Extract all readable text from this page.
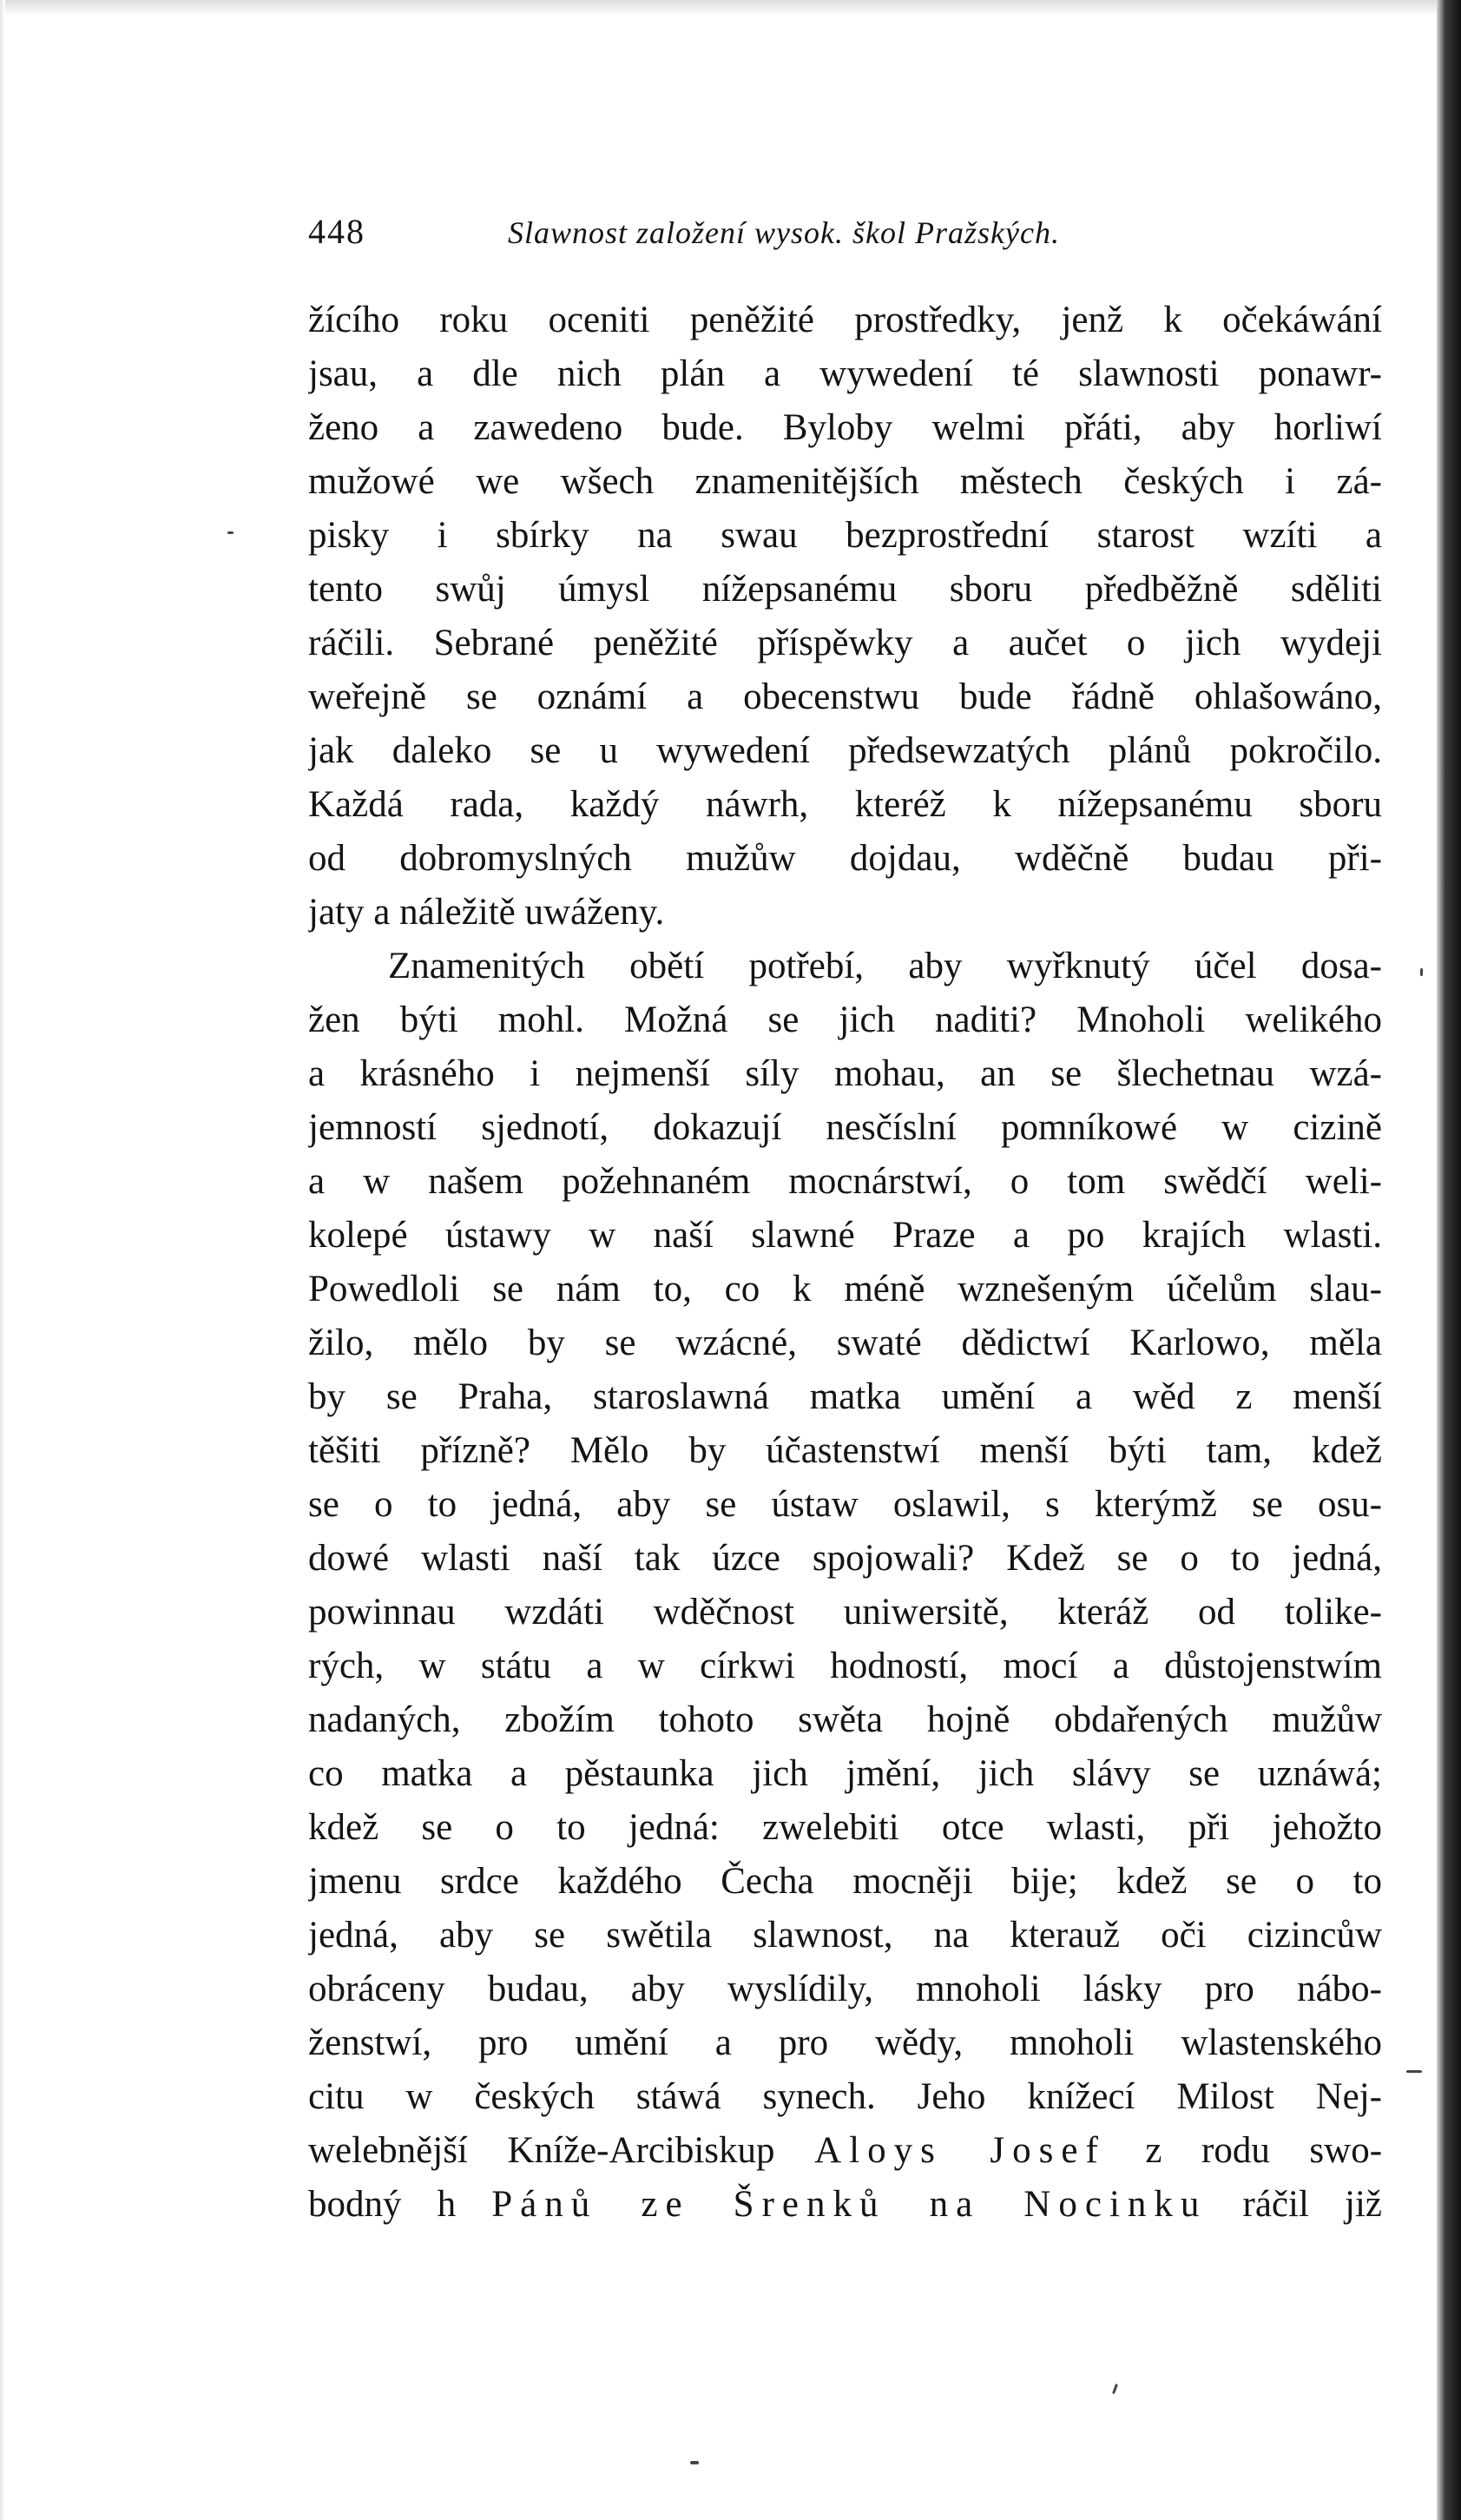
448	Slawnost založení wysok. škol Pražských.
žícího roku oceniti peněžité prostředky, jenž k očekáwání
jsau, a dle nich plán a wywedení té slawnosti ponawr-
ženo a zawedeno bude. Byloby welmi přáti, aby horliwí
mužowé we wšech znamenitějších městech českých i zá-
pisky i sbírky na swau bezprostřední starost wzíti a
tento swůj úmysl nížepsanému sboru předběžně sděliti
ráčili. Sebrané peněžité příspěwky a aučet o jich wydeji
weřejně se oznámí a obecenstwu bude řádně ohlašowáno,
jak daleko se u wywedení předsewzatých plánů pokročilo.
Každá rada, každý náwrh, kteréž k nížepsanému sboru
od dobromyslných mužůw dojdau, wděčně budau při-
jaty a náležitě uwáženy.
Znamenitých obětí potřebí, aby wyřknutý účel dosa-
žen býti mohl. Možná se jich naditi? Mnoholi welikého
a krásného i nejmenší síly mohau, an se šlechetnau wzá-
jemností sjednotí, dokazují nesčíslní pomníkowé w cizině
a w našem požehnaném mocnárstwí, o tom swědčí weli-
kolepé ústawy w naší slawné Praze a po krajích wlasti.
Powedloli se nám to, co k méně wznešeným účelům slau-
žilo, mělo by se wzácné, swaté dědictwí Karlowo, měla
by se Praha, staroslawná matka umění a wěd z menší
těšiti přízně? Mělo by účastenstwí menší býti tam, kdež
se o to jedná, aby se ústaw oslawil, s kterýmž se osu-
dowé wlasti naší tak úzce spojowali? Kdež se o to jedná,
powinnau wzdáti wděčnost uniwersitě, kteráž od tolike-
rých, w státu a w církwi hodností, mocí a důstojenstwím
nadaných, zbožím tohoto swěta hojně obdařených mužůw
co matka a pěstaunka jich jmění, jich slávy se uznáwá;
kdež se o to jedná: zwelebiti otce wlasti, při jehožto
jmenu srdce každého Čecha mocněji bije; kdež se o to
jedná, aby se swětila slawnost, na kterauž oči cizincůw
obráceny budau, aby wyslídily, mnoholi lásky pro nábo-
ženstwí, pro umění a pro wědy, mnoholi wlastenského
citu w českých stáwá synech. Jeho knížecí Milost Nej-
welebnější Kníže-Arcibiskup Aloys Josef z rodu swo-
bodný h Pánů ze Šrenků na Nocinku ráčil již
